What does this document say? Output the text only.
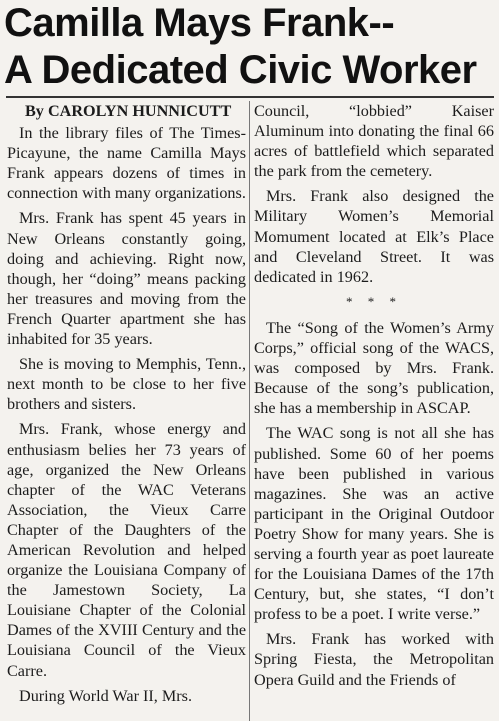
Camilla Mays Frank--
A Dedicated Civic Worker

By CAROLYN HUNNICUTT

In the library files of The Times-Picayune, the name Camilla Mays Frank appears dozens of times in connection with many organizations.

Mrs. Frank has spent 45 years in New Orleans constantly going, doing and achieving. Right now, though, her “doing” means packing her treasures and moving from the French Quarter apartment she has inhabited for 35 years.

She is moving to Memphis, Tenn., next month to be close to her five brothers and sisters.

Mrs. Frank, whose energy and enthusiasm belies her 73 years of age, organized the New Orleans chapter of the WAC Veterans Association, the Vieux Carre Chapter of the Daughters of the American Revolution and helped organize the Louisiana Company of the Jamestown Society, La Louisiane Chapter of the Colonial Dames of the XVIII Century and the Louisiana Council of the Vieux Carre.

During World War II, Mrs.

Council, “lobbied” Kaiser Aluminum into donating the final 66 acres of battlefield which separated the park from the cemetery.

Mrs. Frank also designed the Military Women’s Memorial Momument located at Elk’s Place and Cleveland Street. It was dedicated in 1962.

* * *

The “Song of the Women’s Army Corps,” official song of the WACS, was composed by Mrs. Frank. Because of the song’s publication, she has a membership in ASCAP.

The WAC song is not all she has published. Some 60 of her poems have been published in various magazines. She was an active participant in the Original Outdoor Poetry Show for many years. She is serving a fourth year as poet laureate for the Louisiana Dames of the 17th Century, but, she states, “I don’t profess to be a poet. I write verse.”

Mrs. Frank has worked with Spring Fiesta, the Metropolitan Opera Guild and the Friends of
